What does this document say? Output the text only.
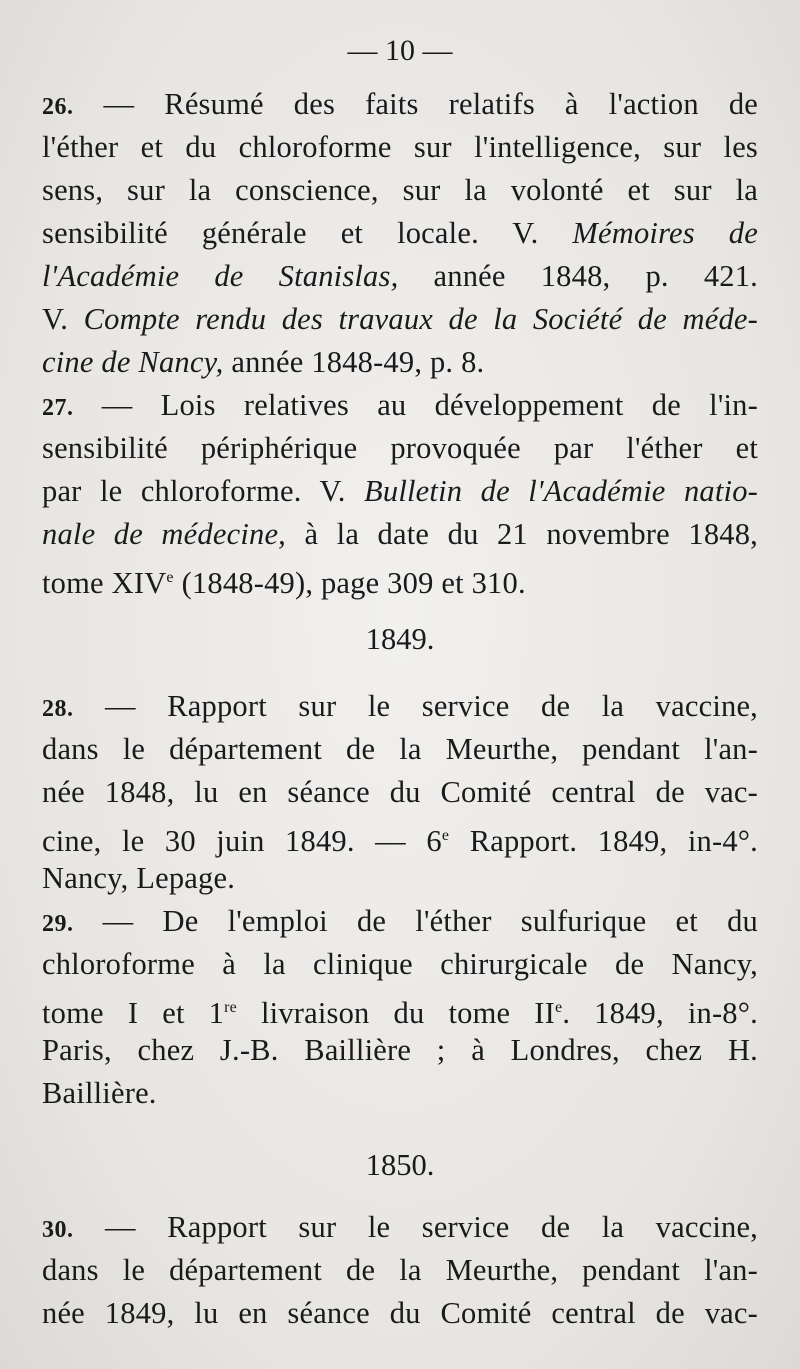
— 10 —
26. — Résumé des faits relatifs à l'action de
l'éther et du chloroforme sur l'intelligence, sur les
sens, sur la conscience, sur la volonté et sur la
sensibilité générale et locale. V. Mémoires de
l'Académie de Stanislas, année 1848, p. 421.
V. Compte rendu des travaux de la Société de méde-
cine de Nancy, année 1848-49, p. 8.
27. — Lois relatives au développement de l'in-
sensibilité périphérique provoquée par l'éther et
par le chloroforme. V. Bulletin de l'Académie natio-
nale de médecine, à la date du 21 novembre 1848,
tome XIVe (1848-49), page 309 et 310.
1849.
28. — Rapport sur le service de la vaccine,
dans le département de la Meurthe, pendant l'an-
née 1848, lu en séance du Comité central de vac-
cine, le 30 juin 1849. — 6e Rapport. 1849, in-4°.
Nancy, Lepage.
29. — De l'emploi de l'éther sulfurique et du
chloroforme à la clinique chirurgicale de Nancy,
tome I et 1re livraison du tome IIe. 1849, in-8°.
Paris, chez J.-B. Baillière ; à Londres, chez H.
Baillière.
1850.
30. — Rapport sur le service de la vaccine,
dans le département de la Meurthe, pendant l'an-
née 1849, lu en séance du Comité central de vac-
